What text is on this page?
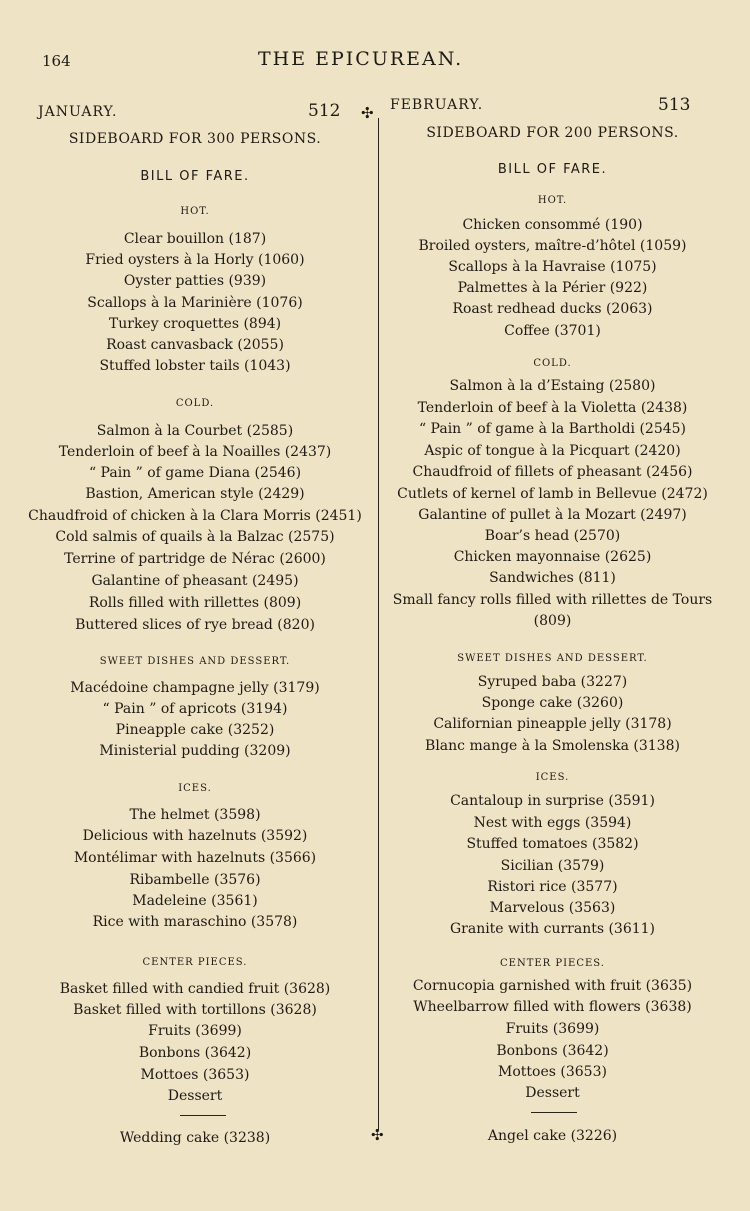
164	THE EPICUREAN.
✣
✣
JANUARY.	512
SIDEBOARD FOR 300 PERSONS.
BILL OF FARE.
HOT.
Clear bouillon (187)
Fried oysters à la Horly (1060)
Oyster patties (939)
Scallops à la Marinière (1076)
Turkey croquettes (894)
Roast canvasback (2055)
Stuffed lobster tails (1043)
COLD.
Salmon à la Courbet (2585)
Tenderloin of beef à la Noailles (2437)
“ Pain ” of game Diana (2546)
Bastion, American style (2429)
Chaudfroid of chicken à la Clara Morris (2451)
Cold salmis of quails à la Balzac (2575)
Terrine of partridge de Nérac (2600)
Galantine of pheasant (2495)
Rolls filled with rillettes (809)
Buttered slices of rye bread (820)
SWEET DISHES AND DESSERT.
Macédoine champagne jelly (3179)
“ Pain ” of apricots (3194)
Pineapple cake (3252)
Ministerial pudding (3209)
ICES.
The helmet (3598)
Delicious with hazelnuts (3592)
Montélimar with hazelnuts (3566)
Ribambelle (3576)
Madeleine (3561)
Rice with maraschino (3578)
CENTER PIECES.
Basket filled with candied fruit (3628)
Basket filled with tortillons (3628)
Fruits (3699)
Bonbons (3642)
Mottoes (3653)
Dessert
Wedding cake (3238)
FEBRUARY.	513
SIDEBOARD FOR 200 PERSONS.
BILL OF FARE.
HOT.
Chicken consommé (190)
Broiled oysters, maître-d’hôtel (1059)
Scallops à la Havraise (1075)
Palmettes à la Périer (922)
Roast redhead ducks (2063)
Coffee (3701)
COLD.
Salmon à la d’Estaing (2580)
Tenderloin of beef à la Violetta (2438)
“ Pain ” of game à la Bartholdi (2545)
Aspic of tongue à la Picquart (2420)
Chaudfroid of fillets of pheasant (2456)
Cutlets of kernel of lamb in Bellevue (2472)
Galantine of pullet à la Mozart (2497)
Boar’s head (2570)
Chicken mayonnaise (2625)
Sandwiches (811)
Small fancy rolls filled with rillettes de Tours
(809)
SWEET DISHES AND DESSERT.
Syruped baba (3227)
Sponge cake (3260)
Californian pineapple jelly (3178)
Blanc mange à la Smolenska (3138)
ICES.
Cantaloup in surprise (3591)
Nest with eggs (3594)
Stuffed tomatoes (3582)
Sicilian (3579)
Ristori rice (3577)
Marvelous (3563)
Granite with currants (3611)
CENTER PIECES.
Cornucopia garnished with fruit (3635)
Wheelbarrow filled with flowers (3638)
Fruits (3699)
Bonbons (3642)
Mottoes (3653)
Dessert
Angel cake (3226)
